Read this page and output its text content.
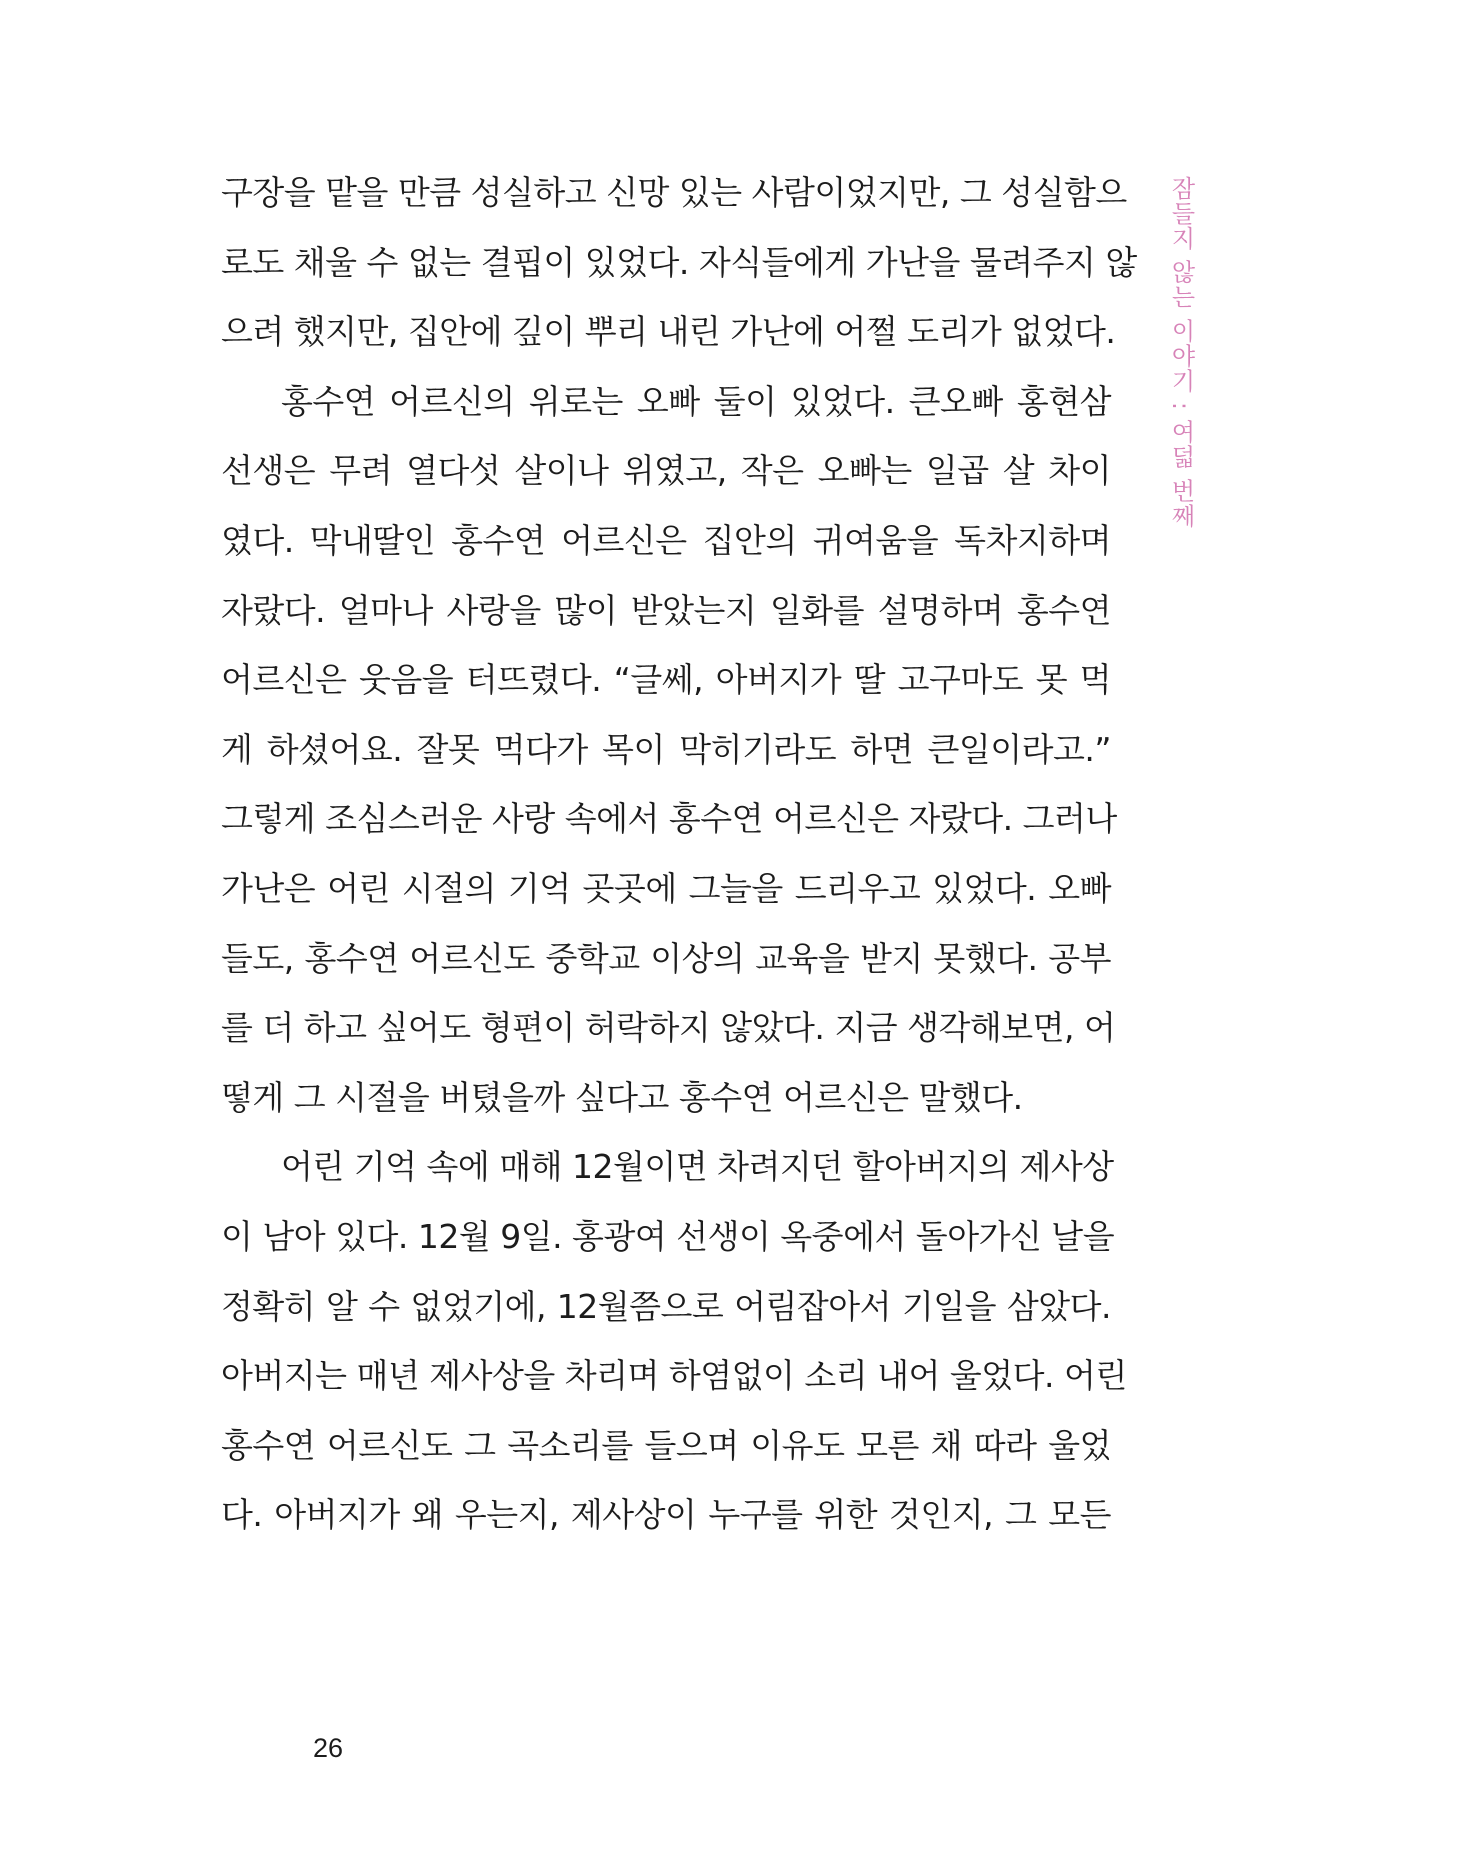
구장을 맡을 만큼 성실하고 신망 있는 사람이었지만, 그 성실함으
로도 채울 수 없는 결핍이 있었다. 자식들에게 가난을 물려주지 않
으려 했지만, 집안에 깊이 뿌리 내린 가난에 어쩔 도리가 없었다.
홍수연 어르신의 위로는 오빠 둘이 있었다. 큰오빠 홍현삼
선생은 무려 열다섯 살이나 위였고, 작은 오빠는 일곱 살 차이
였다. 막내딸인 홍수연 어르신은 집안의 귀여움을 독차지하며
자랐다. 얼마나 사랑을 많이 받았는지 일화를 설명하며 홍수연
어르신은 웃음을 터뜨렸다. “글쎄, 아버지가 딸 고구마도 못 먹
게 하셨어요. 잘못 먹다가 목이 막히기라도 하면 큰일이라고.”
그렇게 조심스러운 사랑 속에서 홍수연 어르신은 자랐다. 그러나
가난은 어린 시절의 기억 곳곳에 그늘을 드리우고 있었다. 오빠
들도, 홍수연 어르신도 중학교 이상의 교육을 받지 못했다. 공부
를 더 하고 싶어도 형편이 허락하지 않았다. 지금 생각해보면, 어
떻게 그 시절을 버텼을까 싶다고 홍수연 어르신은 말했다.
어린 기억 속에 매해 12월이면 차려지던 할아버지의 제사상
이 남아 있다. 12월 9일. 홍광여 선생이 옥중에서 돌아가신 날을
정확히 알 수 없었기에, 12월쯤으로 어림잡아서 기일을 삼았다.
아버지는 매년 제사상을 차리며 하염없이 소리 내어 울었다. 어린
홍수연 어르신도 그 곡소리를 들으며 이유도 모른 채 따라 울었
다. 아버지가 왜 우는지, 제사상이 누구를 위한 것인지, 그 모든
잠들지 않는 이야기 : 여덟 번째
26
